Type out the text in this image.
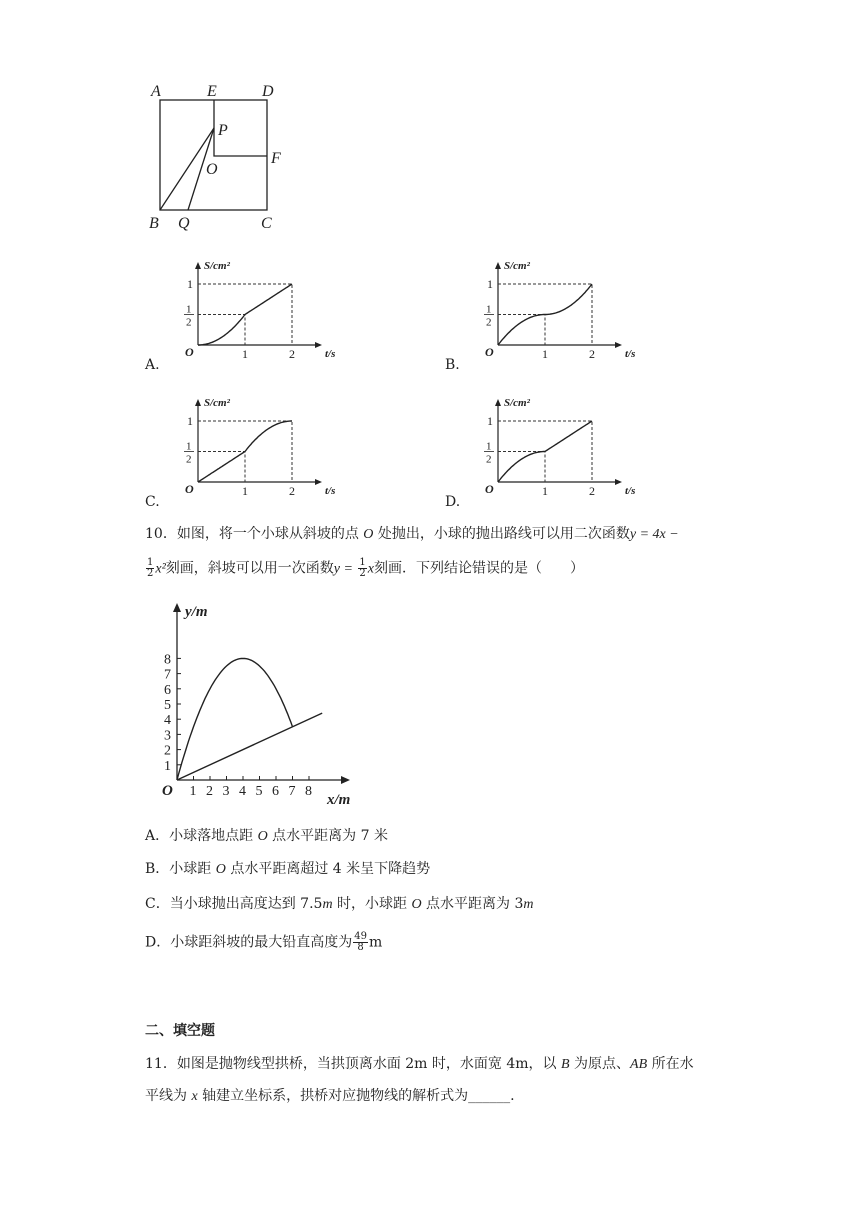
A	E	D
P
O
F
B Q	C
A.
S/cm²
t/s
O	1	2
1
1
2
B.
S/cm²
t/s
O	1	2
1
1
2
C.
S/cm²
t/s
O	1	2
1
1
2
D.
S/cm²
t/s
O	1	2
1
1
2
10．如图，将一个小球从斜坡的点 O 处抛出，小球的抛出路线可以用二次函数y = 4x −
$\frac{1}{2} x^2$刻画，斜坡可以用一次函数$y = \frac{1}{2}$ x刻画．下列结论错误的是（　　）
1 2 3 4 5 6 7 8
1
2
3
4
5
6
7
8
y/m
x/m
O
A．小球落地点距 O 点水平距离为 7 米
B．小球距 O 点水平距离超过 4 米呈下降趋势
C．当小球抛出高度达到 7.5m 时，小球距 O 点水平距离为 3m
D．小球距斜坡的最大铅直高度为 $\frac{49}{8}$ m
二、填空题
11．如图是抛物线型拱桥，当拱顶离水面 2m 时，水面宽 4m，以 B 为原点、AB 所在水
平线为 x 轴建立坐标系，拱桥对应抛物线的解析式为______.
